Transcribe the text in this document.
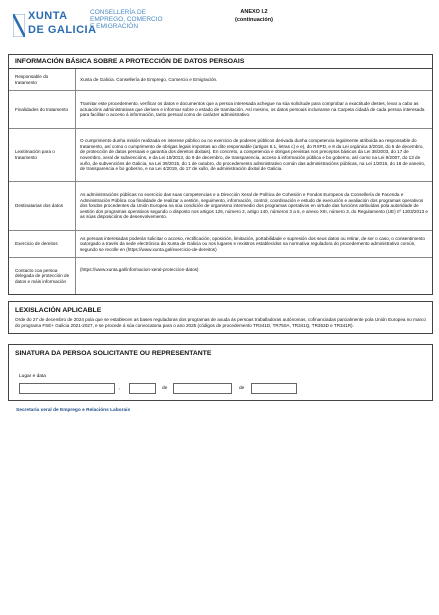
XUNTA
DE GALICIA
CONSELLERÍA DE
EMPREGO, COMERCIO
E EMIGRACIÓN
ANEXO I.2
(continuación)
INFORMACIÓN BÁSICA SOBRE A PROTECCIÓN DE DATOS PERSOAIS
Responsable do tratamento
Xunta de Galicia. Consellería de Emprego, Comercio e Emigración.
Finalidades do tratamento
Tramitar este procedemento, verificar os datos e documentos que a persoa interesada achegue na súa solicitude para comprobar a exactitude destes, levar a cabo as actuacións administrativas que deriven e informar sobre o estado de tramitación. Así mesmo, os datos persoais incluiranse na Carpeta cidadá de cada persoa interesada para facilitar o acceso á información, tanto persoal como de carácter administrativo.
Lexitimación para o tratamento
O cumprimento dunha misión realizada en interese público ou no exercicio de poderes públicos derivada dunha competencia legalmente atribuída ao responsable do tratamento, así como o cumprimento de obrigas legais impostas ao dito responsable (artigos 6.1, letras c) e e), do RXPD, e 8 da Lei orgánica 3/2018, do 5 de decembro, de protección de datos persoais e garantía dos dereitos dixitais). En concreto, a competencia e obrigas previstas nos preceptos básicos da Lei 38/2003, do 17 de novembro, xeral de subvencións, e da Lei 19/2013, do 9 de decembro, de transparencia, acceso á información pública e bo goberno, así como na Lei 9/2007, do 13 de xuño, de subvencións de Galicia, na Lei 39/2015, do 1 de outubro, do procedemento administrativo común das administracións públicas, na Lei 1/2016, do 18 de xaneiro, de transparencia e bo goberno, e na Lei 4/2019, do 17 de xullo, de administración dixital de Galicia.
Destinatarias dos datos
As administracións públicas no exercicio das suas competencias e a Dirección Xeral de Política de Cohesión e Fondos Europeos da Consellería de Facenda e Administración Pública coa finalidade de realizar a xestión, seguimento, información, control, coordinación e estudo de execución e avaliación dos programas operativos dos fondos procedentes da Unión Europea na súa condición de organismo intermedio dos programas operativos en virtude das funcións atribuídas pola autoridade de xestión dos programas operativos segundo o disposto nos artigos 125, número 2, artigo 140, números 3 a 5, e anexo XIII, número 3, do Regulamento (UE) nº 1303/2013 e as súas disposicións de desenvolvemento.
Exercicio de dereitos
As persoas interesadas poderán solicitar o acceso, rectificación, oposición, limitación, portabilidade e supresión dos seus datos ou retirar, de ser o caso, o consentimento outorgado a través da sede electrónica da Xunta de Galicia ou nos lugares e rexistros establecidos na normativa reguladora do procedemento administrativo común, segundo se recolle en (https://www.xunta.gal/exercicio-de-dereitos)
Contacto coa persoa delegada de protección de datos e máis información
(https://www.xunta.gal/informacion-xeral-proteccion-datos)
LEXISLACIÓN APLICABLE
Orde do 27 de decembro de 2024 pola que se establecen as bases reguladoras dos programas de axuda ás persoas traballadoras autónomas, cofinanciadas parcialmente pola Unión Europea no marco do programa FSE+ Galicia 2021-2027, e se procede á súa convocatoria para o ano 2025 (códigos de procedemento TR341D, TR750A, TR341Q, TR353D e TR341R).
SINATURA DA PERSOA SOLICITANTE OU REPRESENTANTE
Lugar e data
,	de	de
Secretaría xeral de Emprego e Relacións Laborais
